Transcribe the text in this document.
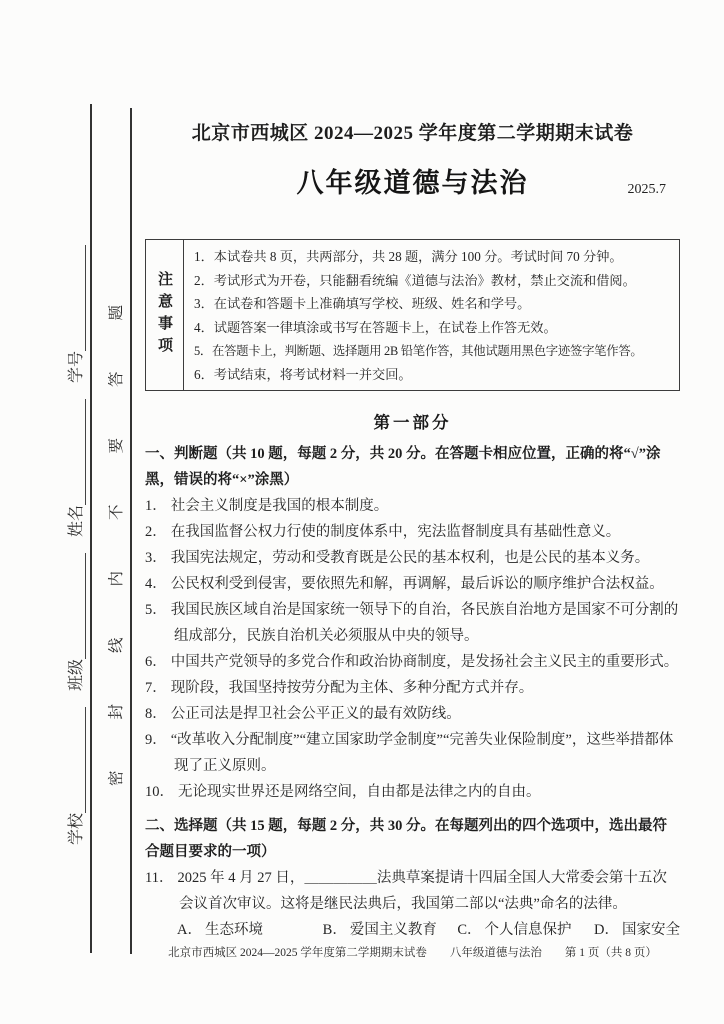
学校
班级
姓名
学号 密封线内不要答题
北京市西城区 2024—2025 学年度第二学期期末试卷
八年级道德与法治	2025.7
注意事项
1．本试卷共 8 页，共两部分，共 28 题，满分 100 分。考试时间 70 分钟。
2．考试形式为开卷，只能翻看统编《道德与法治》教材，禁止交流和借阅。
3．在试卷和答题卡上准确填写学校、班级、姓名和学号。
4．试题答案一律填涂或书写在答题卡上，在试卷上作答无效。
5．在答题卡上，判断题、选择题用 2B 铅笔作答，其他试题用黑色字迹签字笔作答。
6．考试结束，将考试材料一并交回。
第一部分
一、判断题（共 10 题，每题 2 分，共 20 分。在答题卡相应位置，正确的将“√”涂黑，错误的将“×”涂黑）
1． 社会主义制度是我国的根本制度。
2． 在我国监督公权力行使的制度体系中，宪法监督制度具有基础性意义。
3． 我国宪法规定，劳动和受教育既是公民的基本权利，也是公民的基本义务。
4． 公民权利受到侵害，要依照先和解，再调解，最后诉讼的顺序维护合法权益。
5． 我国民族区域自治是国家统一领导下的自治，各民族自治地方是国家不可分割的组成部分，民族自治机关必须服从中央的领导。
6． 中国共产党领导的多党合作和政治协商制度，是发扬社会主义民主的重要形式。
7． 现阶段，我国坚持按劳分配为主体、多种分配方式并存。
8． 公正司法是捍卫社会公平正义的最有效防线。
9． “改革收入分配制度”“建立国家助学金制度”“完善失业保险制度”，这些举措都体现了正义原则。
10． 无论现实世界还是网络空间，自由都是法律之内的自由。
二、选择题（共 15 题，每题 2 分，共 30 分。在每题列出的四个选项中，选出最符合题目要求的一项）
11． 2025 年 4 月 27 日，＿＿＿＿＿法典草案提请十四届全国人大常委会第十五次会议首次审议。这将是继民法典后，我国第二部以“法典”命名的法律。
A． 生态环境	B． 爱国主义教育	C． 个人信息保护	D． 国家安全
北京市西城区 2024—2025 学年度第二学期期末试卷　　八年级道德与法治　　第 1 页（共 8 页）
